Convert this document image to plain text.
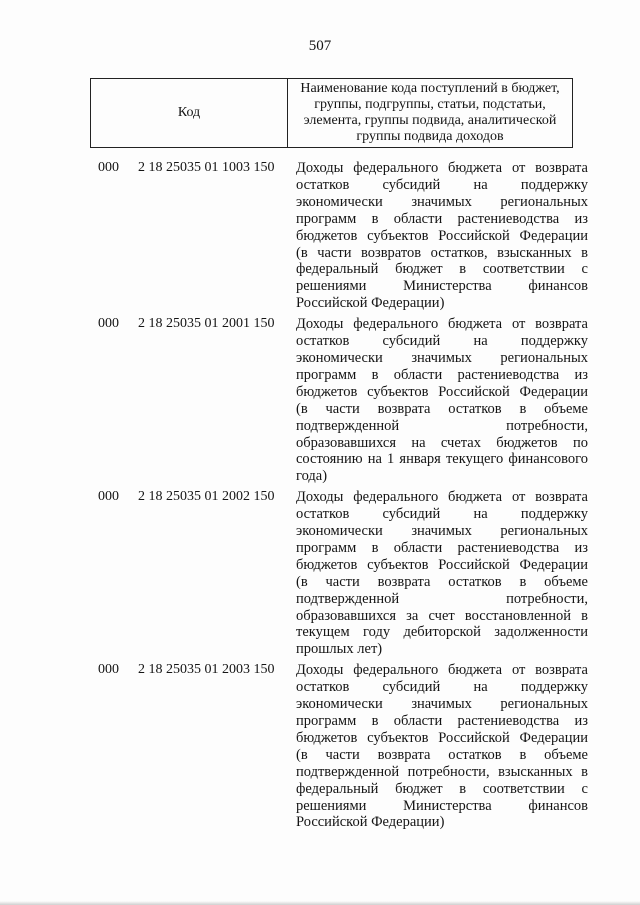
507
Код
Наименование кода поступлений в бюджет, группы, подгруппы, статьи, подстатьи, элемента, группы подвида, аналитической группы подвида доходов
000	2 18 25035 01 1003 150	Доходы федерального бюджета от возврата
остатков субсидий на поддержку
экономически значимых региональных
программ в области растениеводства из
бюджетов субъектов Российской Федерации
(в части возвратов остатков, взысканных в
федеральный бюджет в соответствии с
решениями Министерства финансов
Российской Федерации)
000	2 18 25035 01 2001 150	Доходы федерального бюджета от возврата
остатков субсидий на поддержку
экономически значимых региональных
программ в области растениеводства из
бюджетов субъектов Российской Федерации
(в части возврата остатков в объеме
подтвержденной потребности,
образовавшихся на счетах бюджетов по
состоянию на 1 января текущего финансового
года)
000	2 18 25035 01 2002 150	Доходы федерального бюджета от возврата
остатков субсидий на поддержку
экономически значимых региональных
программ в области растениеводства из
бюджетов субъектов Российской Федерации
(в части возврата остатков в объеме
подтвержденной потребности,
образовавшихся за счет восстановленной в
текущем году дебиторской задолженности
прошлых лет)
000	2 18 25035 01 2003 150	Доходы федерального бюджета от возврата
остатков субсидий на поддержку
экономически значимых региональных
программ в области растениеводства из
бюджетов субъектов Российской Федерации
(в части возврата остатков в объеме
подтвержденной потребности, взысканных в
федеральный бюджет в соответствии с
решениями Министерства финансов
Российской Федерации)
